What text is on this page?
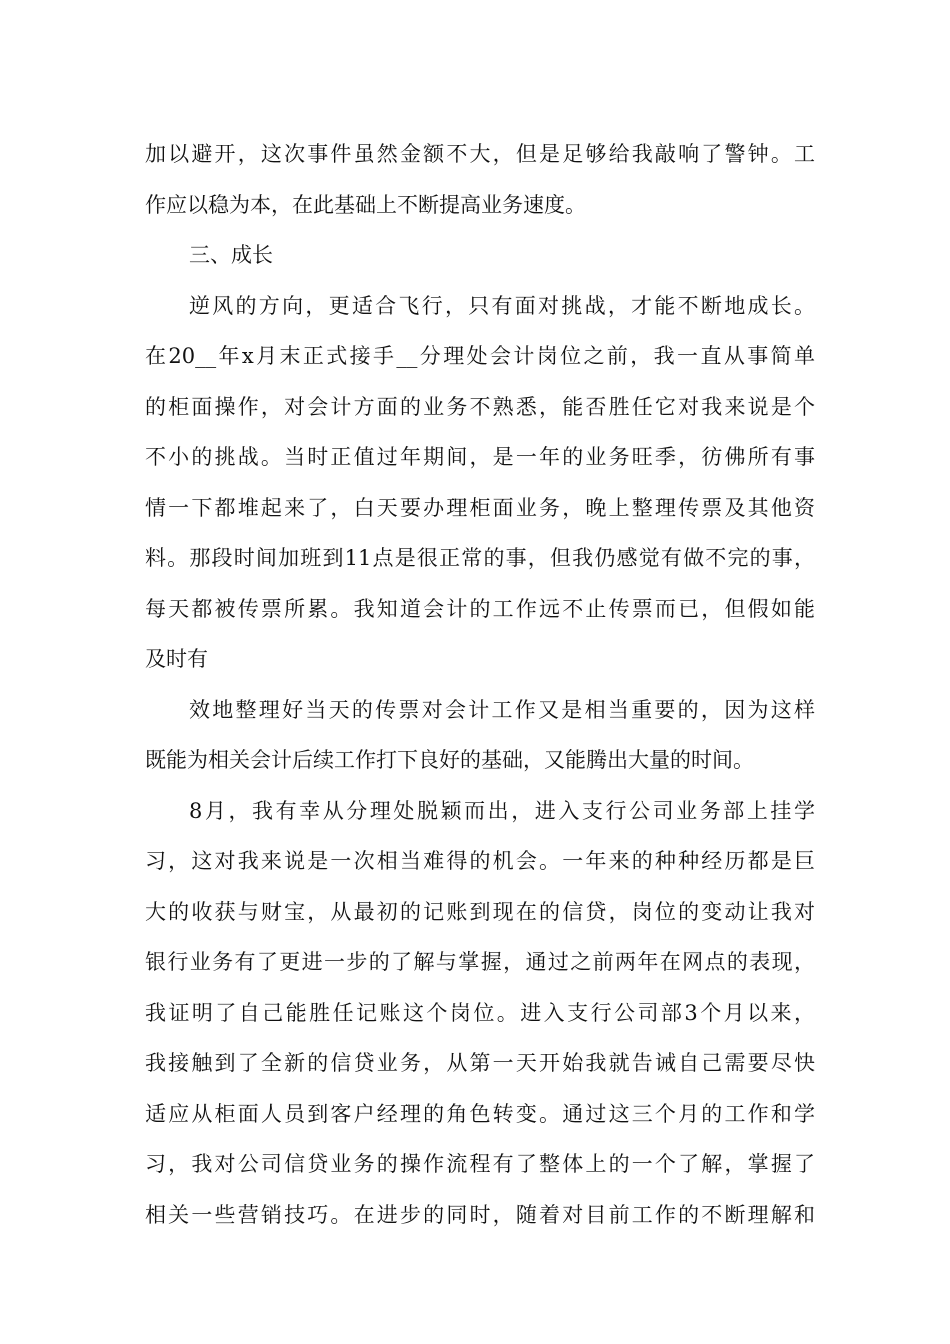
加以避开，这次事件虽然金额不大，但是足够给我敲响了警钟。工
作应以稳为本，在此基础上不断提高业务速度。
三、成长
逆风的方向，更适合飞行，只有面对挑战，才能不断地成长。
在20__年x月末正式接手__分理处会计岗位之前，我一直从事简单
的柜面操作，对会计方面的业务不熟悉，能否胜任它对我来说是个
不小的挑战。当时正值过年期间，是一年的业务旺季，彷佛所有事
情一下都堆起来了，白天要办理柜面业务，晚上整理传票及其他资
料。那段时间加班到11点是很正常的事，但我仍感觉有做不完的事，
每天都被传票所累。我知道会计的工作远不止传票而已，但假如能
及时有
效地整理好当天的传票对会计工作又是相当重要的，因为这样
既能为相关会计后续工作打下良好的基础，又能腾出大量的时间。
8月，我有幸从分理处脱颖而出，进入支行公司业务部上挂学
习，这对我来说是一次相当难得的机会。一年来的种种经历都是巨
大的收获与财宝，从最初的记账到现在的信贷，岗位的变动让我对
银行业务有了更进一步的了解与掌握，通过之前两年在网点的表现，
我证明了自己能胜任记账这个岗位。进入支行公司部3个月以来，
我接触到了全新的信贷业务，从第一天开始我就告诫自己需要尽快
适应从柜面人员到客户经理的角色转变。通过这三个月的工作和学
习，我对公司信贷业务的操作流程有了整体上的一个了解，掌握了
相关一些营销技巧。在进步的同时，随着对目前工作的不断理解和
